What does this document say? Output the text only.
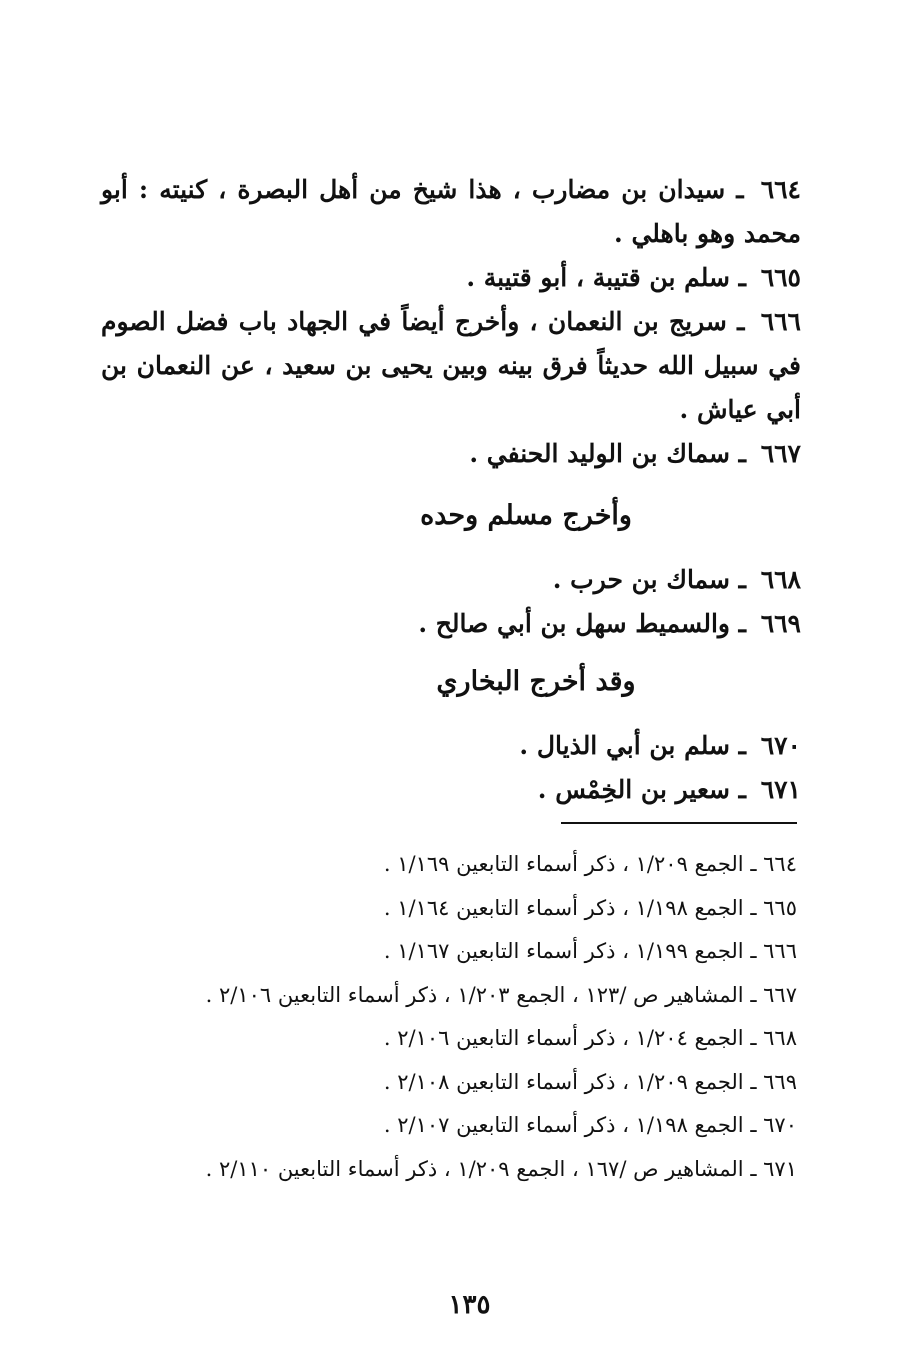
٦٦٤ ـ سيدان بن مضارب ، هذا شيخ من أهل البصرة ، كنيته : أبو محمد وهو باهلي .
٦٦٥ ـ سلم بن قتيبة ، أبو قتيبة .
٦٦٦ ـ سريج بن النعمان ، وأخرج أيضاً في الجهاد باب فضل الصوم في سبيل الله حديثاً فرق بينه وبين يحيى بن سعيد ، عن النعمان بن أبي عياش .
٦٦٧ ـ سماك بن الوليد الحنفي .
وأخرج مسلم وحده
٦٦٨ ـ سماك بن حرب .
٦٦٩ ـ والسميط سهل بن أبي صالح .
وقد أخرج البخاري
٦٧٠ ـ سلم بن أبي الذيال .
٦٧١ ـ سعير بن الخِمْس .
٦٦٤ ـ الجمع ١/٢٠٩ ، ذكر أسماء التابعين ١/١٦٩ .
٦٦٥ ـ الجمع ١/١٩٨ ، ذكر أسماء التابعين ١/١٦٤ .
٦٦٦ ـ الجمع ١/١٩٩ ، ذكر أسماء التابعين ١/١٦٧ .
٦٦٧ ـ المشاهير ص /١٢٣ ، الجمع ١/٢٠٣ ، ذكر أسماء التابعين ٢/١٠٦ .
٦٦٨ ـ الجمع ١/٢٠٤ ، ذكر أسماء التابعين ٢/١٠٦ .
٦٦٩ ـ الجمع ١/٢٠٩ ، ذكر أسماء التابعين ٢/١٠٨ .
٦٧٠ ـ الجمع ١/١٩٨ ، ذكر أسماء التابعين ٢/١٠٧ .
٦٧١ ـ المشاهير ص /١٦٧ ، الجمع ١/٢٠٩ ، ذكر أسماء التابعين ٢/١١٠ .
١٣٥
